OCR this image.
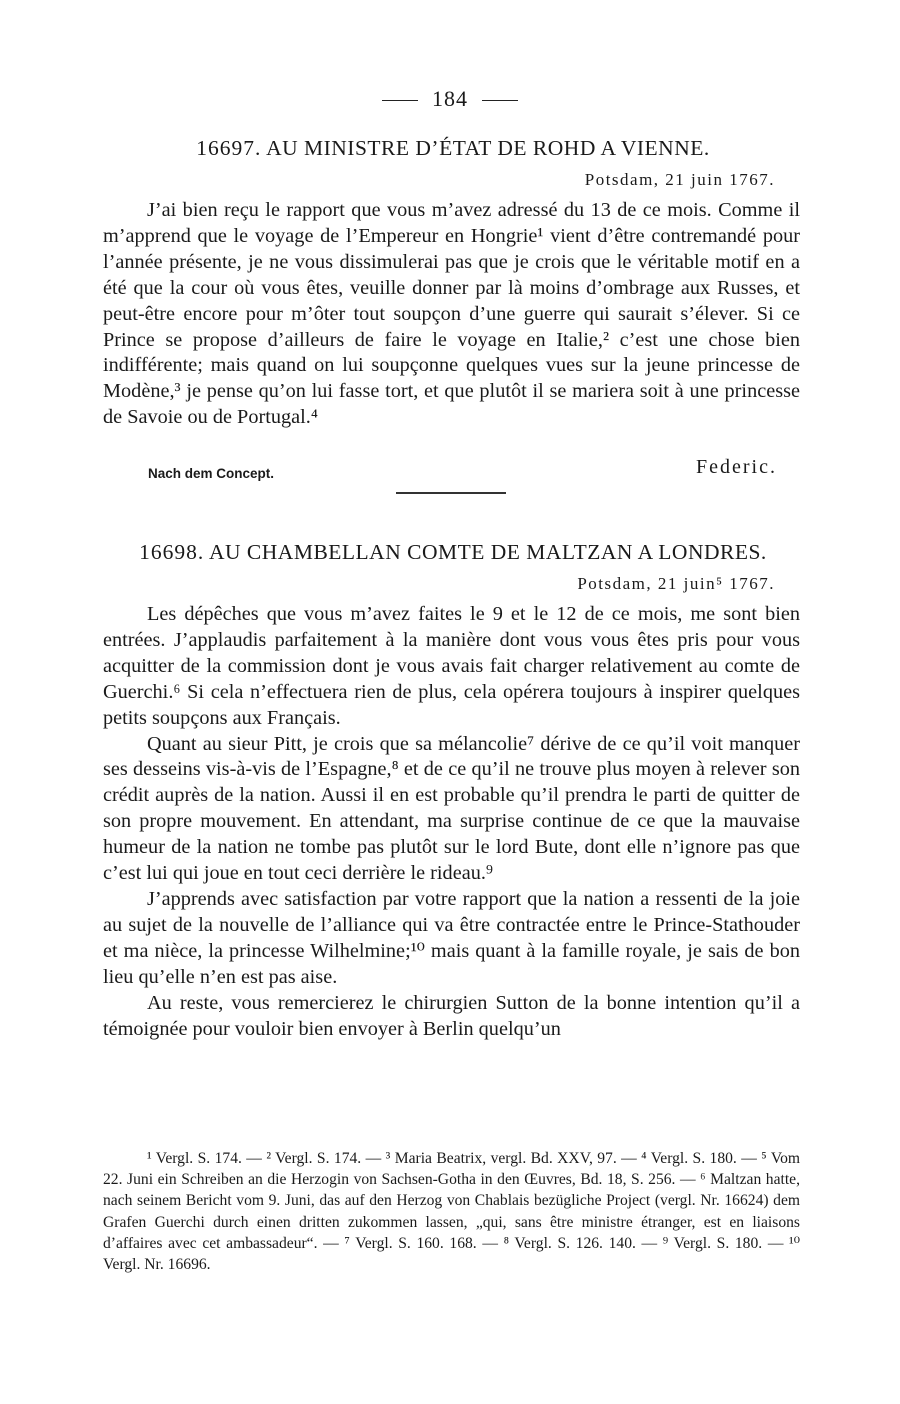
184
16697. AU MINISTRE D’ÉTAT DE ROHD A VIENNE.
Potsdam, 21 juin 1767.

J’ai bien reçu le rapport que vous m’avez adressé du 13 de ce mois. Comme il m’apprend que le voyage de l’Empereur en Hongrie¹ vient d’être contremandé pour l’année présente, je ne vous dissimulerai pas que je crois que le véritable motif en a été que la cour où vous êtes, veuille donner par là moins d’ombrage aux Russes, et peut-être encore pour m’ôter tout soupçon d’une guerre qui saurait s’élever. Si ce Prince se propose d’ailleurs de faire le voyage en Italie,² c’est une chose bien indifférente; mais quand on lui soupçonne quelques vues sur la jeune princesse de Modène,³ je pense qu’on lui fasse tort, et que plutôt il se mariera soit à une princesse de Savoie ou de Portugal.⁴

Nach dem Concept.	Federic.
16698. AU CHAMBELLAN COMTE DE MALTZAN A LONDRES.
Potsdam, 21 juin⁵ 1767.

Les dépêches que vous m’avez faites le 9 et le 12 de ce mois, me sont bien entrées. J’applaudis parfaitement à la manière dont vous vous êtes pris pour vous acquitter de la commission dont je vous avais fait charger relativement au comte de Guerchi.⁶ Si cela n’effectuera rien de plus, cela opérera toujours à inspirer quelques petits soupçons aux Français.

Quant au sieur Pitt, je crois que sa mélancolie⁷ dérive de ce qu’il voit manquer ses desseins vis-à-vis de l’Espagne,⁸ et de ce qu’il ne trouve plus moyen à relever son crédit auprès de la nation. Aussi il en est probable qu’il prendra le parti de quitter de son propre mouvement. En attendant, ma surprise continue de ce que la mauvaise humeur de la nation ne tombe pas plutôt sur le lord Bute, dont elle n’ignore pas que c’est lui qui joue en tout ceci derrière le rideau.⁹

J’apprends avec satisfaction par votre rapport que la nation a ressenti de la joie au sujet de la nouvelle de l’alliance qui va être contractée entre le Prince-Stathouder et ma nièce, la princesse Wilhelmine;¹⁰ mais quant à la famille royale, je sais de bon lieu qu’elle n’en est pas aise.

Au reste, vous remercierez le chirurgien Sutton de la bonne intention qu’il a témoignée pour vouloir bien envoyer à Berlin quelqu’un

¹ Vergl. S. 174. — ² Vergl. S. 174. — ³ Maria Beatrix, vergl. Bd. XXV, 97. — ⁴ Vergl. S. 180. — ⁵ Vom 22. Juni ein Schreiben an die Herzogin von Sachsen-Gotha in den Œuvres, Bd. 18, S. 256. — ⁶ Maltzan hatte, nach seinem Bericht vom 9. Juni, das auf den Herzog von Chablais bezügliche Project (vergl. Nr. 16624) dem Grafen Guerchi durch einen dritten zukommen lassen, „qui, sans être ministre étranger, est en liaisons d’affaires avec cet ambassadeur“. — ⁷ Vergl. S. 160. 168. — ⁸ Vergl. S. 126. 140. — ⁹ Vergl. S. 180. — ¹⁰ Vergl. Nr. 16696.
